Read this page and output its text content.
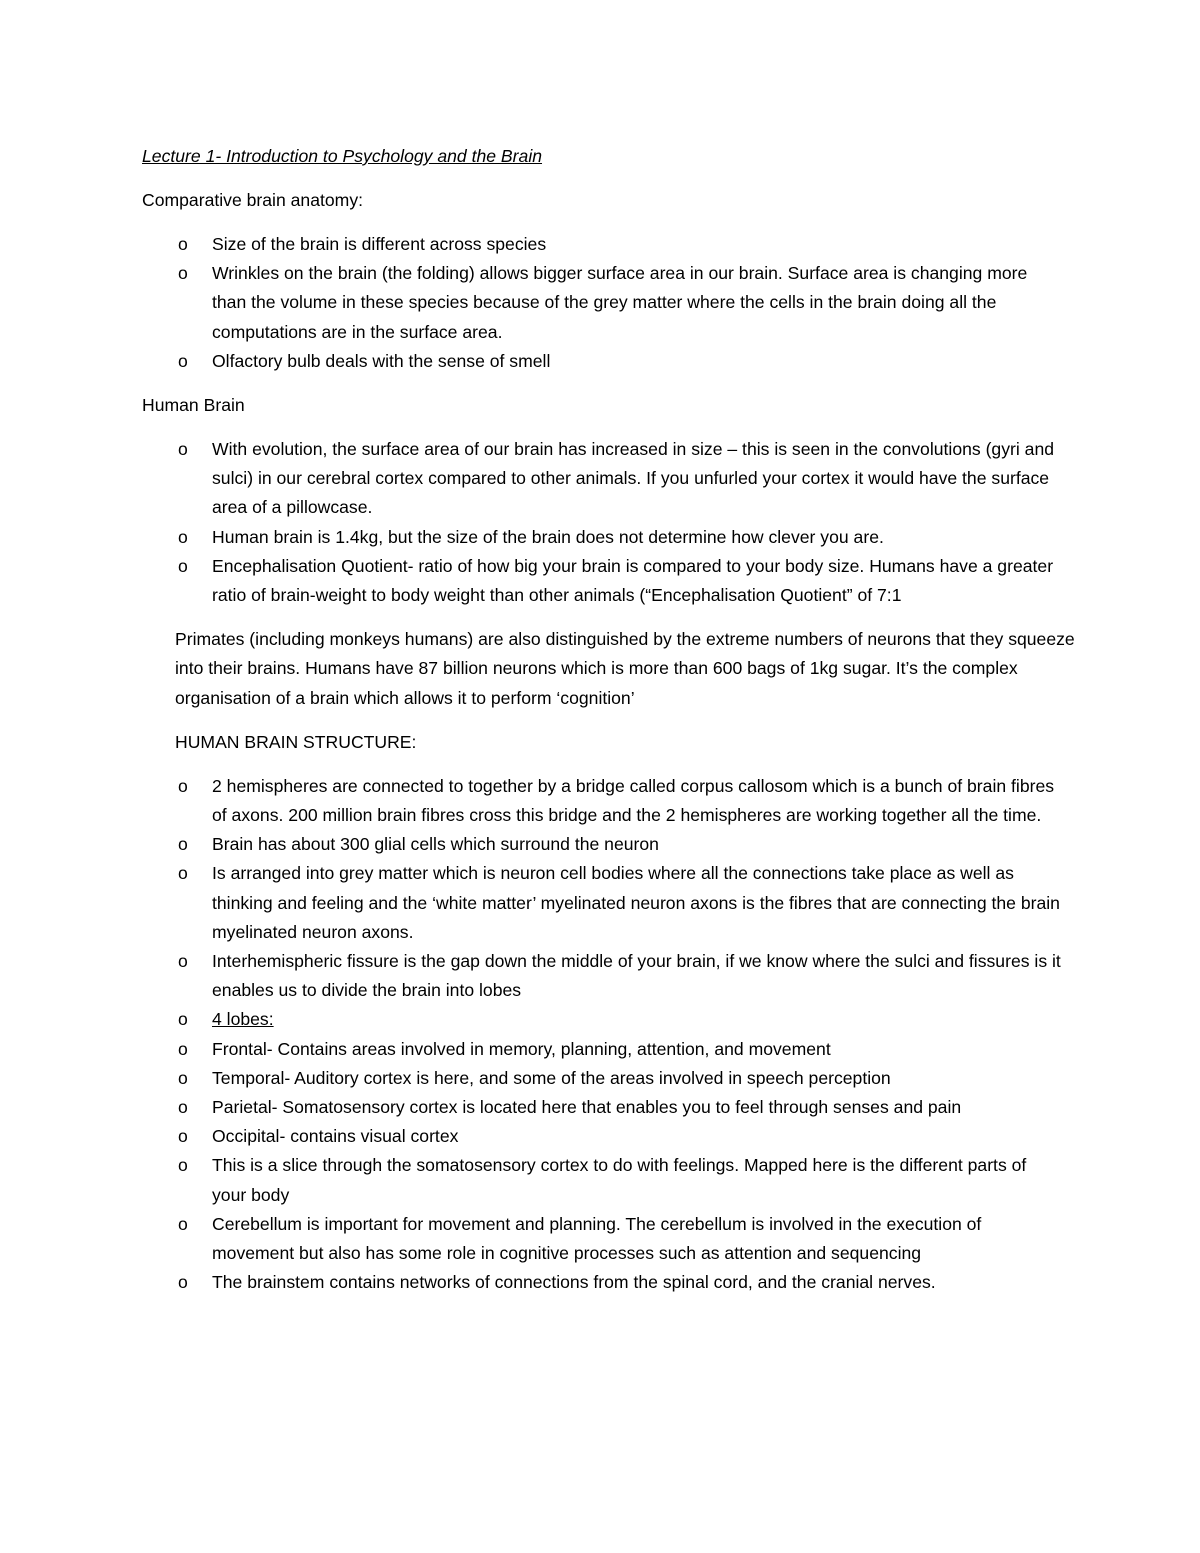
Lecture 1- Introduction to Psychology and the Brain
Comparative brain anatomy:
o Size of the brain is different across species
o Wrinkles on the brain (the folding) allows bigger surface area in our brain. Surface area is changing more than the volume in these species because of the grey matter where the cells in the brain doing all the computations are in the surface area.
o Olfactory bulb deals with the sense of smell
Human Brain
o With evolution, the surface area of our brain has increased in size – this is seen in the convolutions (gyri and sulci) in our cerebral cortex compared to other animals. If you unfurled your cortex it would have the surface area of a pillowcase.
o Human brain is 1.4kg, but the size of the brain does not determine how clever you are.
o Encephalisation Quotient- ratio of how big your brain is compared to your body size. Humans have a greater ratio of brain-weight to body weight than other animals (“Encephalisation Quotient” of 7:1
Primates (including monkeys humans) are also distinguished by the extreme numbers of neurons that they squeeze into their brains. Humans have 87 billion neurons which is more than 600 bags of 1kg sugar. It’s the complex organisation of a brain which allows it to perform ‘cognition’
HUMAN BRAIN STRUCTURE:
o 2 hemispheres are connected to together by a bridge called corpus callosom which is a bunch of brain fibres of axons. 200 million brain fibres cross this bridge and the 2 hemispheres are working together all the time.
o Brain has about 300 glial cells which surround the neuron
o Is arranged into grey matter which is neuron cell bodies where all the connections take place as well as thinking and feeling and the ‘white matter’ myelinated neuron axons is the fibres that are connecting the brain myelinated neuron axons.
o Interhemispheric fissure is the gap down the middle of your brain, if we know where the sulci and fissures is it enables us to divide the brain into lobes
o 4 lobes:
o Frontal- Contains areas involved in memory, planning, attention, and movement
o Temporal- Auditory cortex is here, and some of the areas involved in speech perception
o Parietal- Somatosensory cortex is located here that enables you to feel through senses and pain
o Occipital- contains visual cortex
o This is a slice through the somatosensory cortex to do with feelings. Mapped here is the different parts of your body
o Cerebellum is important for movement and planning. The cerebellum is involved in the execution of movement but also has some role in cognitive processes such as attention and sequencing
o The brainstem contains networks of connections from the spinal cord, and the cranial nerves.
